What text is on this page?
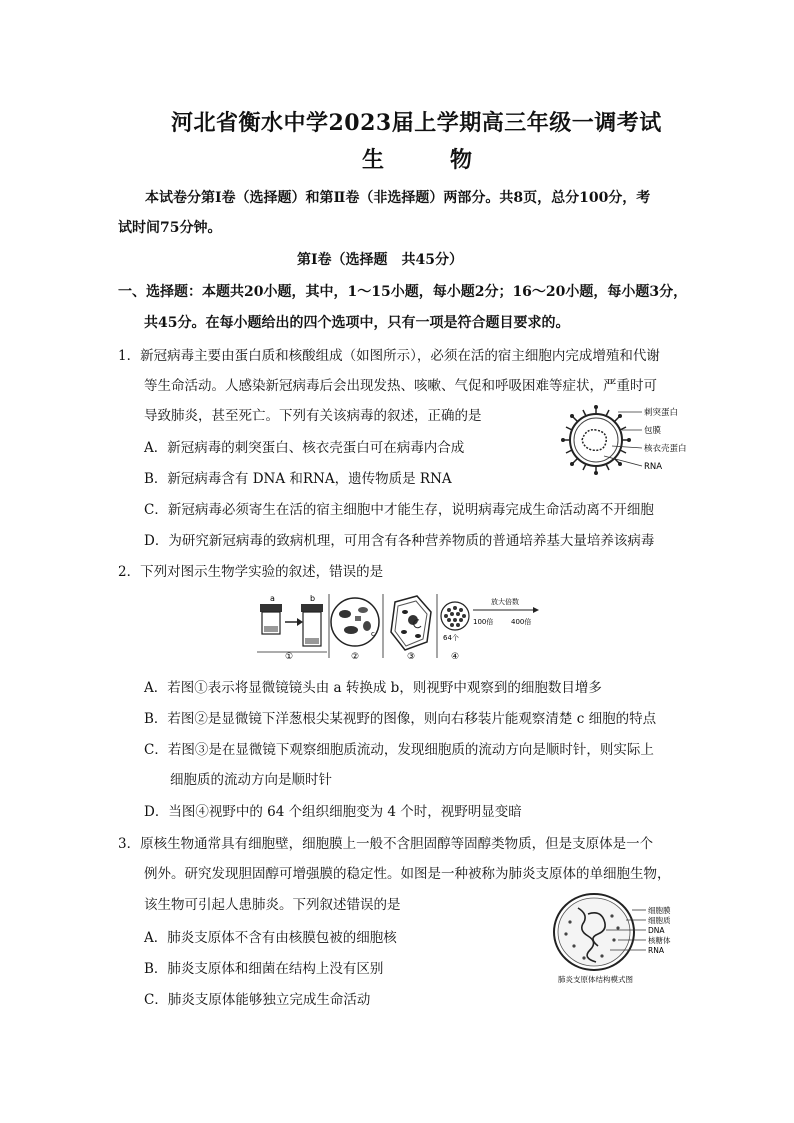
河北省衡水中学2023届上学期高三年级一调考试
生　物
本试卷分第Ⅰ卷（选择题）和第Ⅱ卷（非选择题）两部分。共8页，总分100分，考
试时间75分钟。
第Ⅰ卷（选择题　共45分）
一、选择题：本题共20小题，其中，1～15小题，每小题2分；16～20小题，每小题3分，
共45分。在每小题给出的四个选项中，只有一项是符合题目要求的。
1．新冠病毒主要由蛋白质和核酸组成（如图所示），必须在活的宿主细胞内完成增殖和代谢
等生命活动。人感染新冠病毒后会出现发热、咳嗽、气促和呼吸困难等症状，严重时可
导致肺炎，甚至死亡。下列有关该病毒的叙述，正确的是
A．新冠病毒的刺突蛋白、核衣壳蛋白可在病毒内合成
B．新冠病毒含有 DNA 和RNA，遗传物质是 RNA
C．新冠病毒必须寄生在活的宿主细胞中才能生存，说明病毒完成生命活动离不开细胞
D．为研究新冠病毒的致病机理，可用含有各种营养物质的普通培养基大量培养该病毒
刺突蛋白
包膜
核衣壳蛋白
RNA
2．下列对图示生物学实验的叙述，错误的是
a	b
①
c
②	③
64个
放大倍数
100倍	400倍
④
A．若图①表示将显微镜镜头由 a 转换成 b，则视野中观察到的细胞数目增多
B．若图②是显微镜下洋葱根尖某视野的图像，则向右移装片能观察清楚 c 细胞的特点
C．若图③是在显微镜下观察细胞质流动，发现细胞质的流动方向是顺时针，则实际上
细胞质的流动方向是顺时针
D．当图④视野中的 64 个组织细胞变为 4 个时，视野明显变暗
3．原核生物通常具有细胞壁，细胞膜上一般不含胆固醇等固醇类物质，但是支原体是一个
例外。研究发现胆固醇可增强膜的稳定性。如图是一种被称为肺炎支原体的单细胞生物，
该生物可引起人患肺炎。下列叙述错误的是
A．肺炎支原体不含有由核膜包被的细胞核
B．肺炎支原体和细菌在结构上没有区别
C．肺炎支原体能够独立完成生命活动
细胞膜
细胞质
DNA
核糖体
RNA
肺炎支原体结构模式图
